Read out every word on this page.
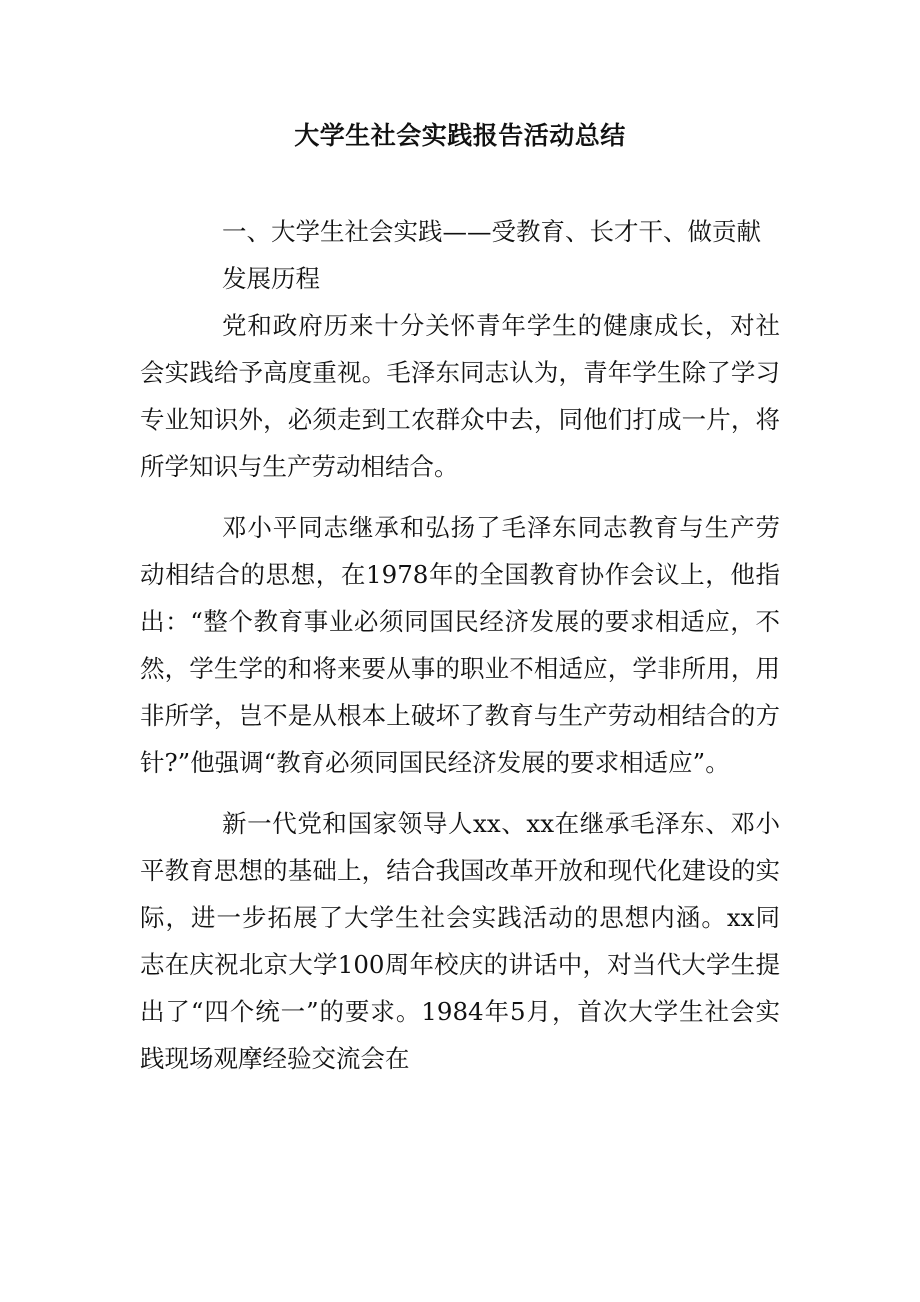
大学生社会实践报告活动总结

一、大学生社会实践——受教育、长才干、做贡献

发展历程

党和政府历来十分关怀青年学生的健康成长，对社会实践给予高度重视。毛泽东同志认为，青年学生除了学习专业知识外，必须走到工农群众中去，同他们打成一片，将所学知识与生产劳动相结合。

邓小平同志继承和弘扬了毛泽东同志教育与生产劳动相结合的思想，在1978年的全国教育协作会议上，他指出：“整个教育事业必须同国民经济发展的要求相适应，不然，学生学的和将来要从事的职业不相适应，学非所用，用非所学，岂不是从根本上破坏了教育与生产劳动相结合的方针?”他强调“教育必须同国民经济发展的要求相适应”。

新一代党和国家领导人xx、xx在继承毛泽东、邓小平教育思想的基础上，结合我国改革开放和现代化建设的实际，进一步拓展了大学生社会实践活动的思想内涵。xx同志在庆祝北京大学100周年校庆的讲话中，对当代大学生提出了“四个统一”的要求。1984年5月，首次大学生社会实践现场观摩经验交流会在
